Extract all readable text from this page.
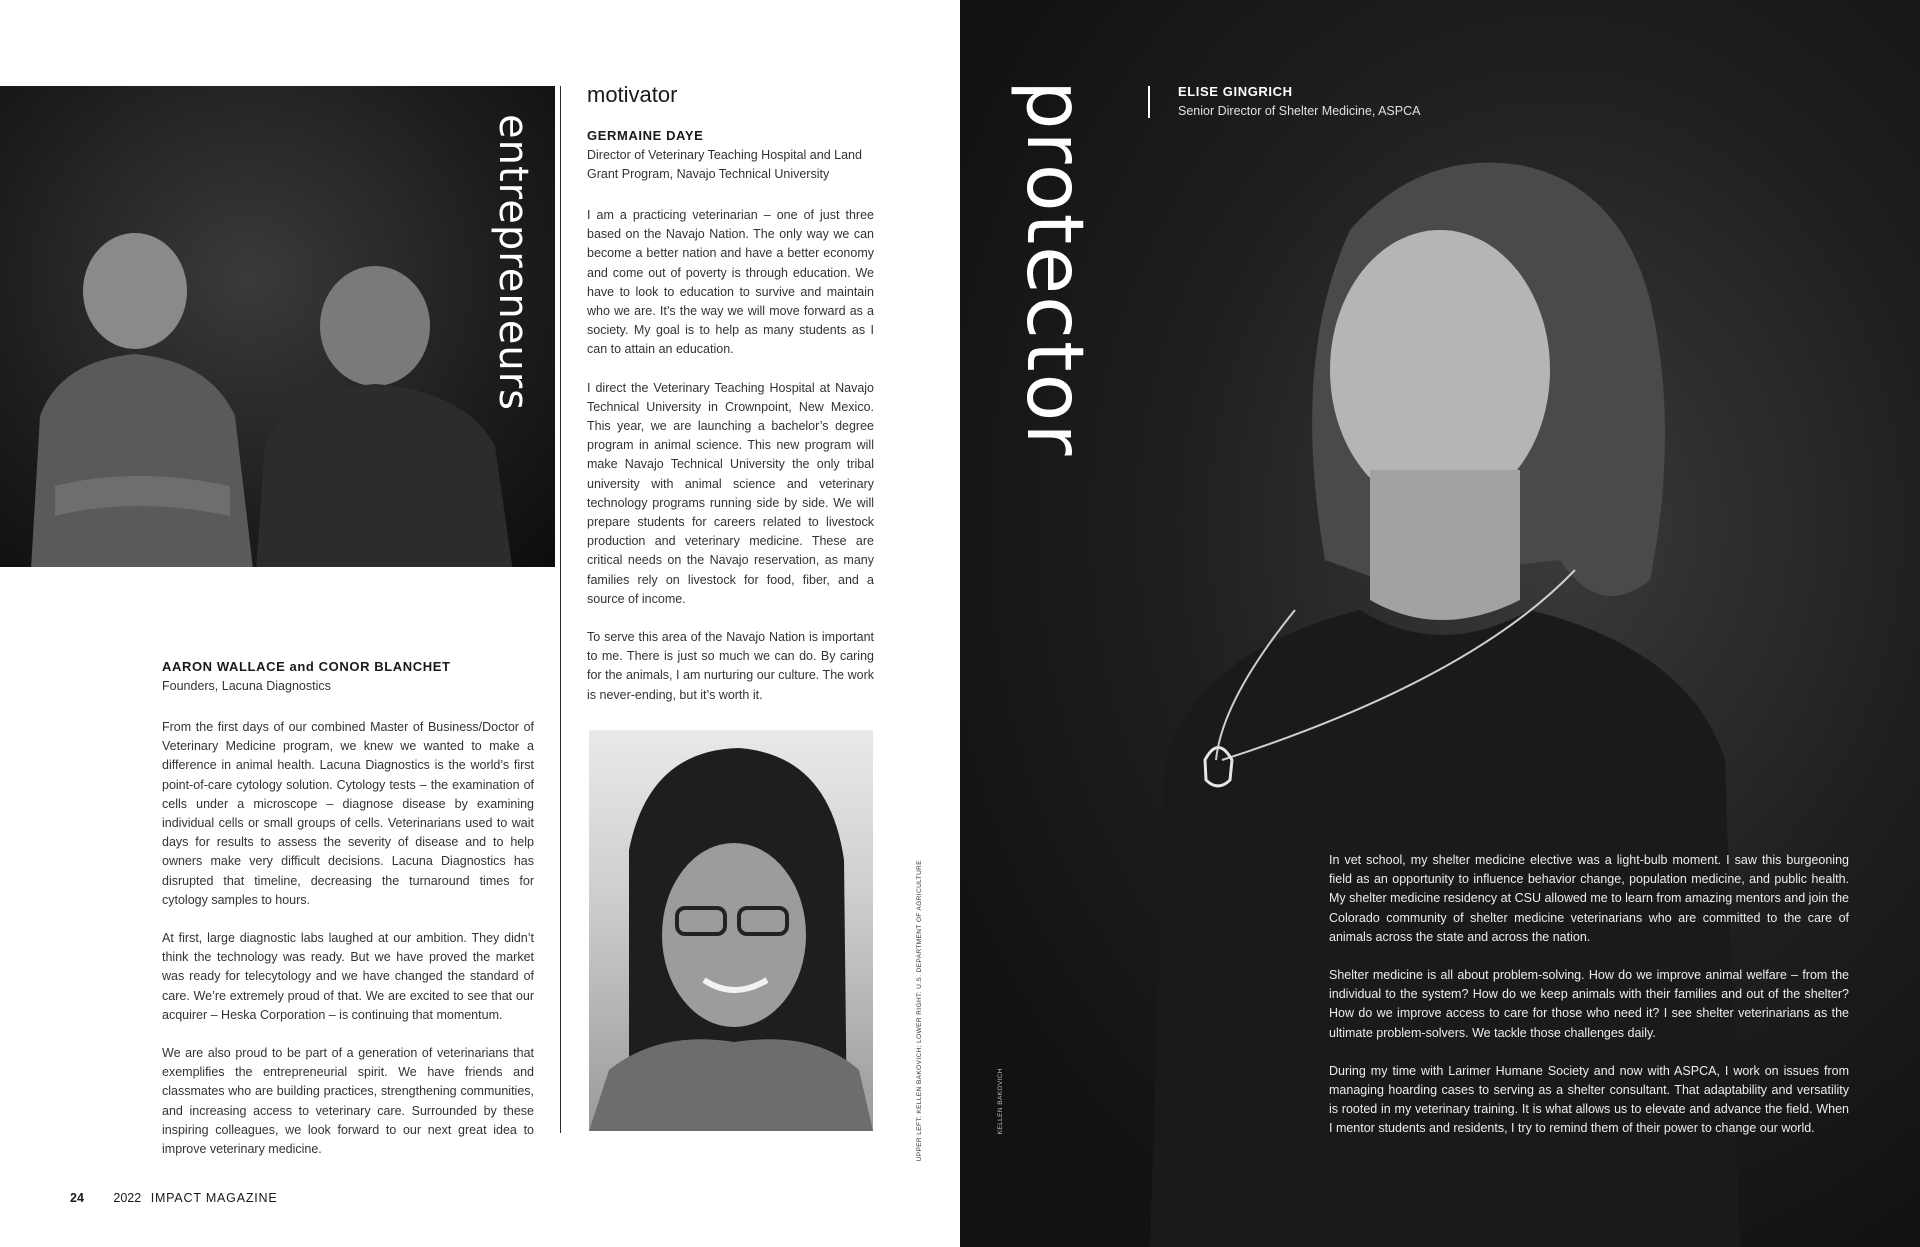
entrepreneurs
motivator

GERMAINE DAYE

Director of Veterinary Teaching Hospital and Land Grant Program, Navajo Technical University

I am a practicing veterinarian – one of just three based on the Navajo Nation. The only way we can become a better nation and have a better economy and come out of poverty is through education. We have to look to education to survive and maintain who we are. It’s the way we will move forward as a society. My goal is to help as many students as I can to attain an education.

I direct the Veterinary Teaching Hospital at Navajo Technical University in Crownpoint, New Mexico. This year, we are launching a bachelor’s degree program in animal science. This new program will make Navajo Technical University the only tribal university with animal science and veterinary technology programs running side by side. We will prepare students for careers related to livestock production and veterinary medicine. These are critical needs on the Navajo reservation, as many families rely on livestock for food, fiber, and a source of income.

To serve this area of the Navajo Nation is important to me. There is just so much we can do. By caring for the animals, I am nurturing our culture. The work is never-ending, but it’s worth it.

AARON WALLACE and CONOR BLANCHET

Founders, Lacuna Diagnostics

From the first days of our combined Master of Business/Doctor of Veterinary Medicine program, we knew we wanted to make a difference in animal health. Lacuna Diagnostics is the world’s first point-of-care cytology solution. Cytology tests – the examination of cells under a microscope – diagnose disease by examining individual cells or small groups of cells. Veterinarians used to wait days for results to assess the severity of disease and to help owners make very difficult decisions. Lacuna Diagnostics has disrupted that timeline, decreasing the turnaround times for cytology samples to hours.

At first, large diagnostic labs laughed at our ambition. They didn’t think the technology was ready. But we have proved the market was ready for telecytology and we have changed the standard of care. We’re extremely proud of that. We are excited to see that our acquirer – Heska Corporation – is continuing that momentum.

We are also proud to be part of a generation of veterinarians that exemplifies the entrepreneurial spirit. We have friends and classmates who are building practices, strengthening communities, and increasing access to veterinary care. Surrounded by these inspiring colleagues, we look forward to our next great idea to improve veterinary medicine.	UPPER LEFT: KELLEN BAKOVICH; LOWER RIGHT: U.S. DEPARTMENT OF AGRICULTURE
24 2022 IMPACT MAGAZINE
protector	ELISE GINGRICH

Senior Director of Shelter Medicine, ASPCA

In vet school, my shelter medicine elective was a light-bulb moment. I saw this burgeoning field as an opportunity to influence behavior change, population medicine, and public health. My shelter medicine residency at CSU allowed me to learn from amazing mentors and join the Colorado community of shelter medicine veterinarians who are committed to the care of animals across the state and across the nation.

Shelter medicine is all about problem-solving. How do we improve animal welfare – from the individual to the system? How do we keep animals with their families and out of the shelter? How do we improve access to care for those who need it? I see shelter veterinarians as the ultimate problem-solvers. We tackle those challenges daily.

During my time with Larimer Humane Society and now with ASPCA, I work on issues from managing hoarding cases to serving as a shelter consultant. That adaptability and versatility is rooted in my veterinary training. It is what allows us to elevate and advance the field. When I mentor students and residents, I try to remind them of their power to change our world.

KELLEN BAKOVICH
